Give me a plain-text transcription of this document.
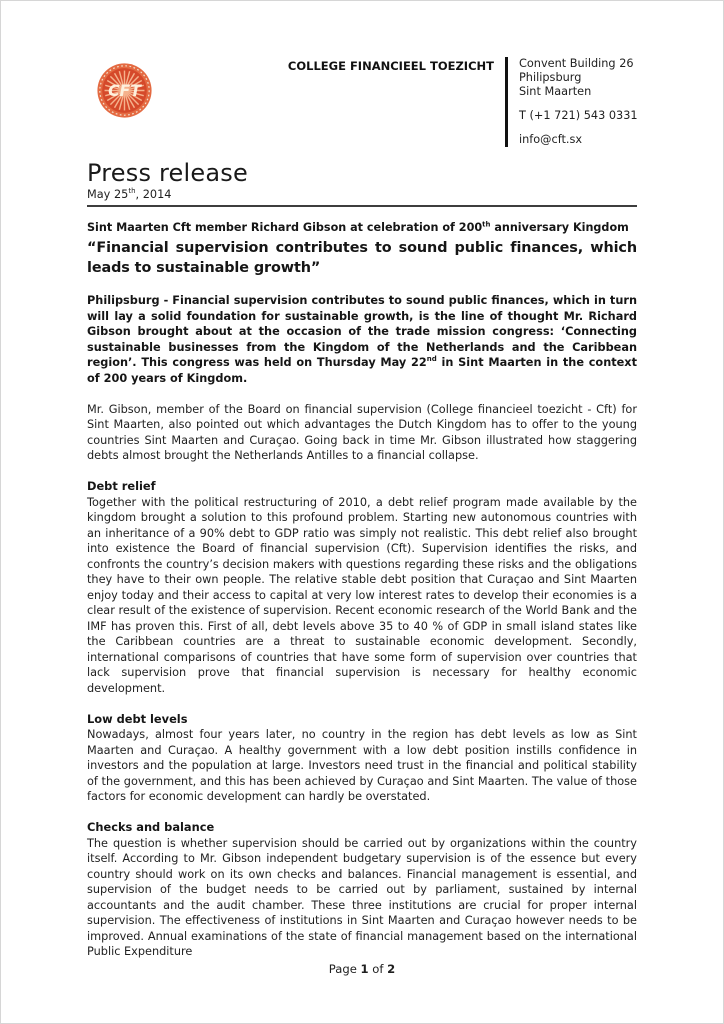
CFT
COLLEGE FINANCIEEL TOEZICHT Convent Building 26
Philipsburg
Sint Maarten
T (+1 721) 543 0331
info@cft.sx
Press release
May 25th, 2014
Sint Maarten Cft member Richard Gibson at celebration of 200th anniversary Kingdom
“Financial supervision contributes to sound public finances, which leads to sustainable growth”

Philipsburg - Financial supervision contributes to sound public finances, which in turn will lay a solid foundation for sustainable growth, is the line of thought Mr. Richard Gibson brought about at the occasion of the trade mission congress: ‘Connecting sustainable businesses from the Kingdom of the Netherlands and the Caribbean region’. This congress was held on Thursday May 22nd in Sint Maarten in the context of 200 years of Kingdom.

Mr. Gibson, member of the Board on financial supervision (College financieel toezicht - Cft) for Sint Maarten, also pointed out which advantages the Dutch Kingdom has to offer to the young countries Sint Maarten and Curaçao. Going back in time Mr. Gibson illustrated how staggering debts almost brought the Netherlands Antilles to a financial collapse.

Debt relief

Together with the political restructuring of 2010, a debt relief program made available by the kingdom brought a solution to this profound problem. Starting new autonomous countries with an inheritance of a 90% debt to GDP ratio was simply not realistic. This debt relief also brought into existence the Board of financial supervision (Cft). Supervision identifies the risks, and confronts the country’s decision makers with questions regarding these risks and the obligations they have to their own people. The relative stable debt position that Curaçao and Sint Maarten enjoy today and their access to capital at very low interest rates to develop their economies is a clear result of the existence of supervision. Recent economic research of the World Bank and the IMF has proven this. First of all, debt levels above 35 to 40 % of GDP in small island states like the Caribbean countries are a threat to sustainable economic development. Secondly, international comparisons of countries that have some form of supervision over countries that lack supervision prove that financial supervision is necessary for healthy economic development.

Low debt levels

Nowadays, almost four years later, no country in the region has debt levels as low as Sint Maarten and Curaçao. A healthy government with a low debt position instills confidence in investors and the population at large. Investors need trust in the financial and political stability of the government, and this has been achieved by Curaçao and Sint Maarten. The value of those factors for economic development can hardly be overstated.

Checks and balance

The question is whether supervision should be carried out by organizations within the country itself. According to Mr. Gibson independent budgetary supervision is of the essence but every country should work on its own checks and balances. Financial management is essential, and supervision of the budget needs to be carried out by parliament, sustained by internal accountants and the audit chamber. These three institutions are crucial for proper internal supervision. The effectiveness of institutions in Sint Maarten and Curaçao however needs to be improved. Annual examinations of the state of financial management based on the international Public Expenditure

Page 1 of 2
